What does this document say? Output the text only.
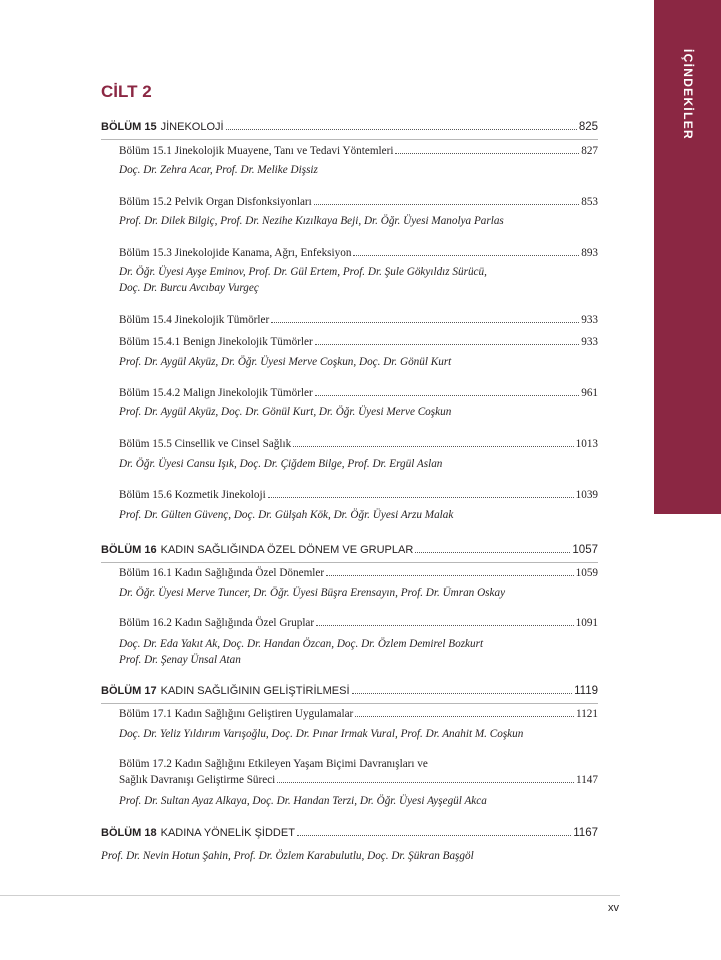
İÇİNDEKİLER
CİLT 2
BÖLÜM 15 JİNEKOLOJİ	825
Bölüm 15.1 Jinekolojik Muayene, Tanı ve Tedavi Yöntemleri	827

Doç. Dr. Zehra Acar, Prof. Dr. Melike Dişsiz

Bölüm 15.2 Pelvik Organ Disfonksiyonları	853

Prof. Dr. Dilek Bilgiç, Prof. Dr. Nezihe Kızılkaya Beji, Dr. Öğr. Üyesi Manolya Parlas

Bölüm 15.3 Jinekolojide Kanama, Ağrı, Enfeksiyon	893

Dr. Öğr. Üyesi Ayşe Eminov, Prof. Dr. Gül Ertem, Prof. Dr. Şule Gökyıldız Sürücü,

Doç. Dr. Burcu Avcıbay Vurgeç

Bölüm 15.4 Jinekolojik Tümörler	933
Bölüm 15.4.1 Benign Jinekolojik Tümörler	933

Prof. Dr. Aygül Akyüz, Dr. Öğr. Üyesi Merve Coşkun, Doç. Dr. Gönül Kurt

Bölüm 15.4.2 Malign Jinekolojik Tümörler	961

Prof. Dr. Aygül Akyüz, Doç. Dr. Gönül Kurt, Dr. Öğr. Üyesi Merve Coşkun

Bölüm 15.5 Cinsellik ve Cinsel Sağlık	1013

Dr. Öğr. Üyesi Cansu Işık, Doç. Dr. Çiğdem Bilge, Prof. Dr. Ergül Aslan

Bölüm 15.6 Kozmetik Jinekoloji	1039

Prof. Dr. Gülten Güvenç, Doç. Dr. Gülşah Kök, Dr. Öğr. Üyesi Arzu Malak

BÖLÜM 16 KADIN SAĞLIĞINDA ÖZEL DÖNEM VE GRUPLAR	1057
Bölüm 16.1 Kadın Sağlığında Özel Dönemler	1059

Dr. Öğr. Üyesi Merve Tuncer, Dr. Öğr. Üyesi Büşra Erensayın, Prof. Dr. Ümran Oskay

Bölüm 16.2 Kadın Sağlığında Özel Gruplar	1091

Doç. Dr. Eda Yakıt Ak, Doç. Dr. Handan Özcan, Doç. Dr. Özlem Demirel Bozkurt

Prof. Dr. Şenay Ünsal Atan

BÖLÜM 17 KADIN SAĞLIĞININ GELİŞTİRİLMESİ	1119
Bölüm 17.1 Kadın Sağlığını Geliştiren Uygulamalar	1121

Doç. Dr. Yeliz Yıldırım Varışoğlu, Doç. Dr. Pınar Irmak Vural, Prof. Dr. Anahit M. Coşkun

Bölüm 17.2 Kadın Sağlığını Etkileyen Yaşam Biçimi Davranışları ve

Sağlık Davranışı Geliştirme Süreci	1147

Prof. Dr. Sultan Ayaz Alkaya, Doç. Dr. Handan Terzi, Dr. Öğr. Üyesi Ayşegül Akca

BÖLÜM 18 KADINA YÖNELİK ŞİDDET	1167

Prof. Dr. Nevin Hotun Şahin, Prof. Dr. Özlem Karabulutlu, Doç. Dr. Şükran Başgöl

xv
